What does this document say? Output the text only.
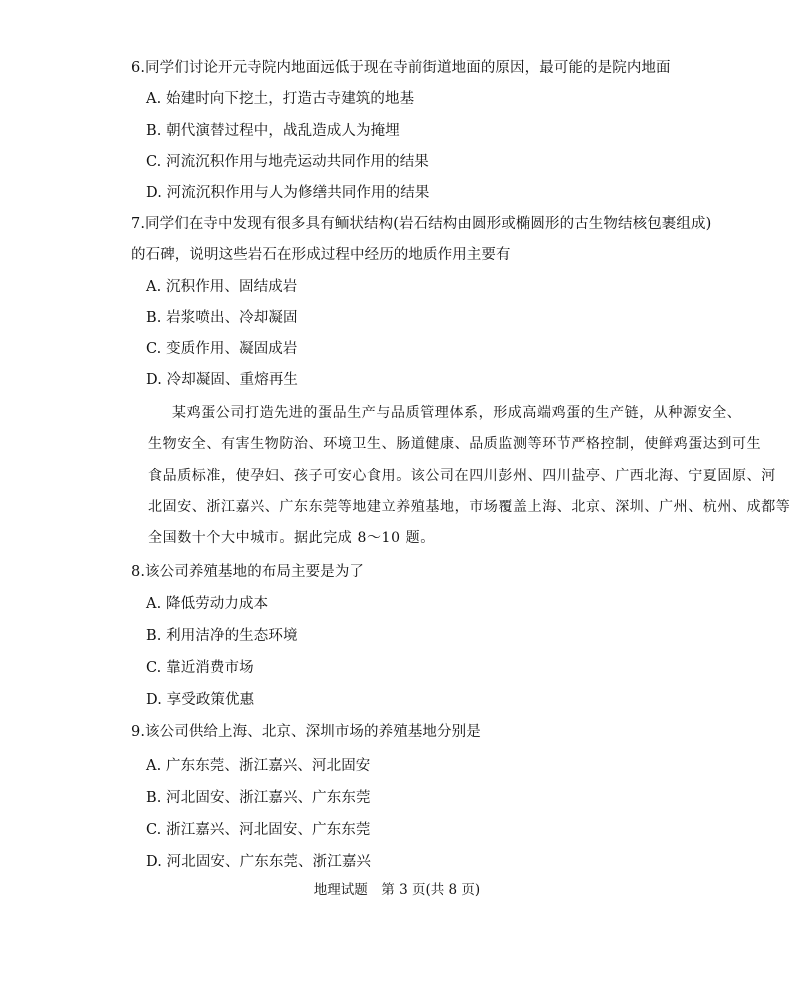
6.同学们讨论开元寺院内地面远低于现在寺前街道地面的原因，最可能的是院内地面
A. 始建时向下挖土，打造古寺建筑的地基
B. 朝代演替过程中，战乱造成人为掩埋
C. 河流沉积作用与地壳运动共同作用的结果
D. 河流沉积作用与人为修缮共同作用的结果
7.同学们在寺中发现有很多具有鲕状结构(岩石结构由圆形或椭圆形的古生物结核包裹组成)
的石碑，说明这些岩石在形成过程中经历的地质作用主要有
A. 沉积作用、固结成岩
B. 岩浆喷出、冷却凝固
C. 变质作用、凝固成岩
D. 冷却凝固、重熔再生
某鸡蛋公司打造先进的蛋品生产与品质管理体系，形成高端鸡蛋的生产链，从种源安全、
生物安全、有害生物防治、环境卫生、肠道健康、品质监测等环节严格控制，使鲜鸡蛋达到可生
食品质标准，使孕妇、孩子可安心食用。该公司在四川彭州、四川盐亭、广西北海、宁夏固原、河
北固安、浙江嘉兴、广东东莞等地建立养殖基地，市场覆盖上海、北京、深圳、广州、杭州、成都等
全国数十个大中城市。据此完成 8～10 题。
8.该公司养殖基地的布局主要是为了
A. 降低劳动力成本
B. 利用洁净的生态环境
C. 靠近消费市场
D. 享受政策优惠
9.该公司供给上海、北京、深圳市场的养殖基地分别是
A. 广东东莞、浙江嘉兴、河北固安
B. 河北固安、浙江嘉兴、广东东莞
C. 浙江嘉兴、河北固安、广东东莞
D. 河北固安、广东东莞、浙江嘉兴
地理试题　第 3 页(共 8 页)
